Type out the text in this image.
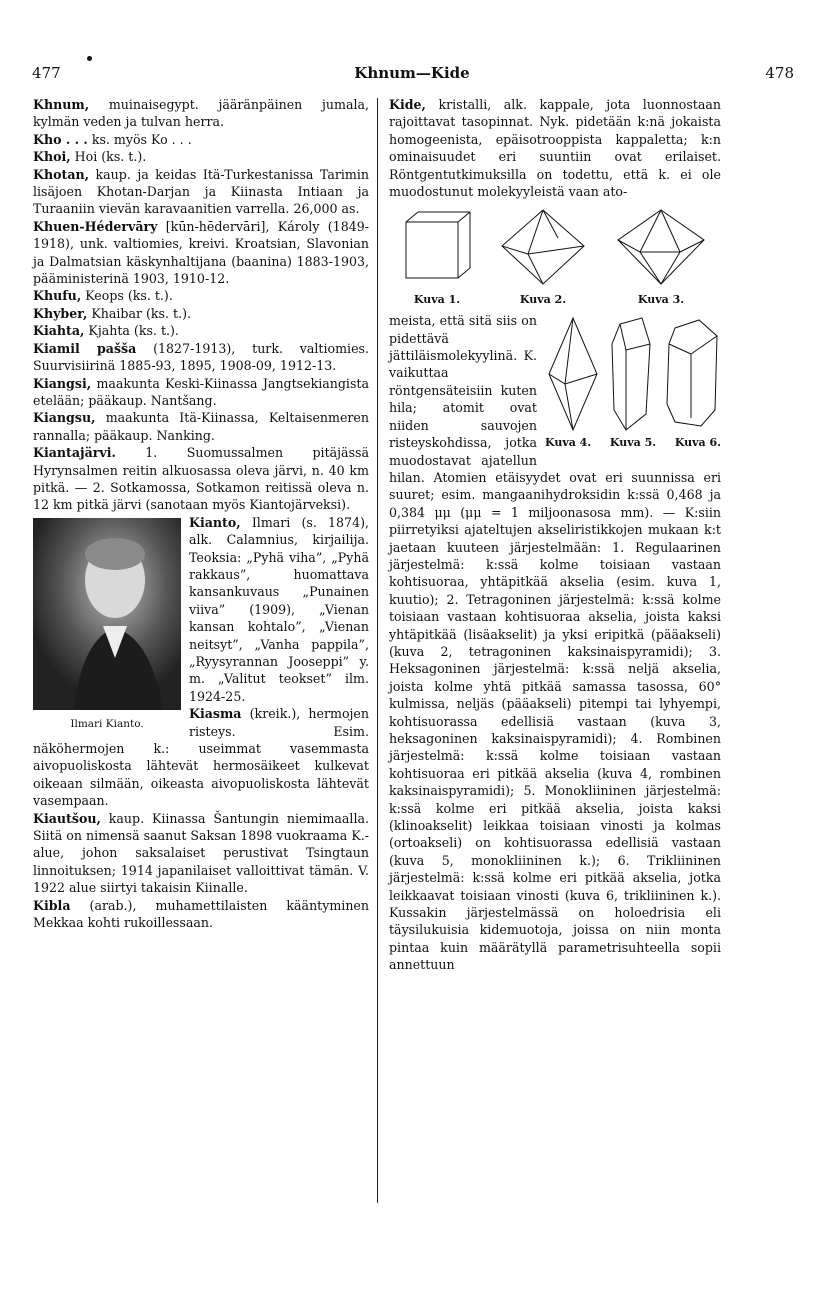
477	Khnum—Kide	478

Khnum, muinaisegypt. jääränpäinen jumala, kylmän veden ja tulvan herra.

Kho . . . ks. myös Ko . . .

Khoi, Hoi (ks. t.).

Khotan, kaup. ja keidas Itä-Turkestanissa Tarimin lisäjoen Khotan-Darjan ja Kiinasta Intiaan ja Turaaniin vievän karavaanitien varrella. 26,000 as.

Khuen-Hédervāry [kūn-hēdervāri], Károly (1849-1918), unk. valtiomies, kreivi. Kroatsian, Slavonian ja Dalmatsian käskynhaltijana (baanina) 1883-1903, pääministerinä 1903, 1910-12.

Khufu, Keops (ks. t.).

Khyber, Khaibar (ks. t.).

Kiahta, Kjahta (ks. t.).

Kiamil pašša (1827-1913), turk. valtiomies. Suurvisiirinä 1885-93, 1895, 1908-09, 1912-13.

Kiangsi, maakunta Keski-Kiinassa Jangtsekiangista etelään; pääkaup. Nantšang.

Kiangsu, maakunta Itä-Kiinassa, Keltaisenmeren rannalla; pääkaup. Nanking.

Kiantajärvi. 1. Suomussalmen pitäjässä Hyrynsalmen reitin alkuosassa oleva järvi, n. 40 km pitkä. — 2. Sotkamossa, Sotkamon reitissä oleva n. 12 km pitkä järvi (sanotaan myös Kiantojärveksi).

Ilmari Kianto.

Kianto, Ilmari (s. 1874), alk. Calamnius, kirjailija. Teoksia: „Pyhä viha”, „Pyhä rakkaus”, huomattava kansankuvaus „Punainen viiva” (1909), „Vienan kansan kohtalo”, „Vienan neitsyt”, „Vanha pappila”, „Ryysyrannan Jooseppi” y. m. „Valitut teokset” ilm. 1924-25.

Kiasma (kreik.), hermojen risteys. Esim. näköhermojen k.: useimmat vasemmasta aivopuoliskosta lähtevät hermosäikeet kulkevat oikeaan silmään, oikeasta aivopuoliskosta lähtevät vasempaan.

Kiautšou, kaup. Kiinassa Šantungin niemimaalla. Siitä on nimensä saanut Saksan 1898 vuokraama K.-alue, johon saksalaiset perustivat Tsingtaun linnoituksen; 1914 japanilaiset valloittivat tämän. V. 1922 alue siirtyi takaisin Kiinalle.

Kibla (arab.), muhamettilaisten kääntyminen Mekkaa kohti rukoillessaan.

Kide, kristalli, alk. kappale, jota luonnostaan rajoittavat tasopinnat. Nyk. pidetään k:nä jokaista homogeenista, epäisotrooppista kappaletta; k:n ominaisuudet eri suuntiin ovat erilaiset. Röntgentutkimuksilla on todettu, että k. ei ole muodostunut molekyyleistä vaan ato-

Kuva 1.	Kuva 2.	Kuva 3.
Kuva 4. Kuva 5. Kuva 6.

meista, että sitä siis on pidettävä jättiläismolekyylinä. K. vaikuttaa röntgensäteisiin kuten hila; atomit ovat niiden sauvojen risteyskohdissa, jotka muodostavat ajatellun hilan. Atomien etäisyydet ovat eri suunnissa eri suuret; esim. mangaanihydroksidin k:ssä 0,468 ja 0,384 μμ (μμ = 1 miljoonasosa mm). — K:siin piirretyiksi ajateltujen akseliristikkojen mukaan k:t jaetaan kuuteen järjestelmään: 1. Regulaarinen järjestelmä: k:ssä kolme toisiaan vastaan kohtisuoraa, yhtäpitkää akselia (esim. kuva 1, kuutio); 2. Tetragoninen järjestelmä: k:ssä kolme toisiaan vastaan kohtisuoraa akselia, joista kaksi yhtäpitkää (lisäakselit) ja yksi eripitkä (pääakseli) (kuva 2, tetragoninen kaksinaispyramidi); 3. Heksagoninen järjestelmä: k:ssä neljä akselia, joista kolme yhtä pitkää samassa tasossa, 60° kulmissa, neljäs (pääakseli) pitempi tai lyhyempi, kohtisuorassa edellisiä vastaan (kuva 3, heksagoninen kaksinaispyramidi); 4. Rombinen järjestelmä: k:ssä kolme toisiaan vastaan kohtisuoraa eri pitkää akselia (kuva 4, rombinen kaksinaispyramidi); 5. Monokliininen järjestelmä: k:ssä kolme eri pitkää akselia, joista kaksi (klinoakselit) leikkaa toisiaan vinosti ja kolmas (ortoakseli) on kohtisuorassa edellisiä vastaan (kuva 5, monokliininen k.); 6. Trikliininen järjestelmä: k:ssä kolme eri pitkää akselia, jotka leikkaavat toisiaan vinosti (kuva 6, trikliininen k.). Kussakin järjestelmässä on holoedrisia eli täysilukuisia kidemuotoja, joissa on niin monta pintaa kuin määrätyllä parametrisuhteella sopii annettuun
